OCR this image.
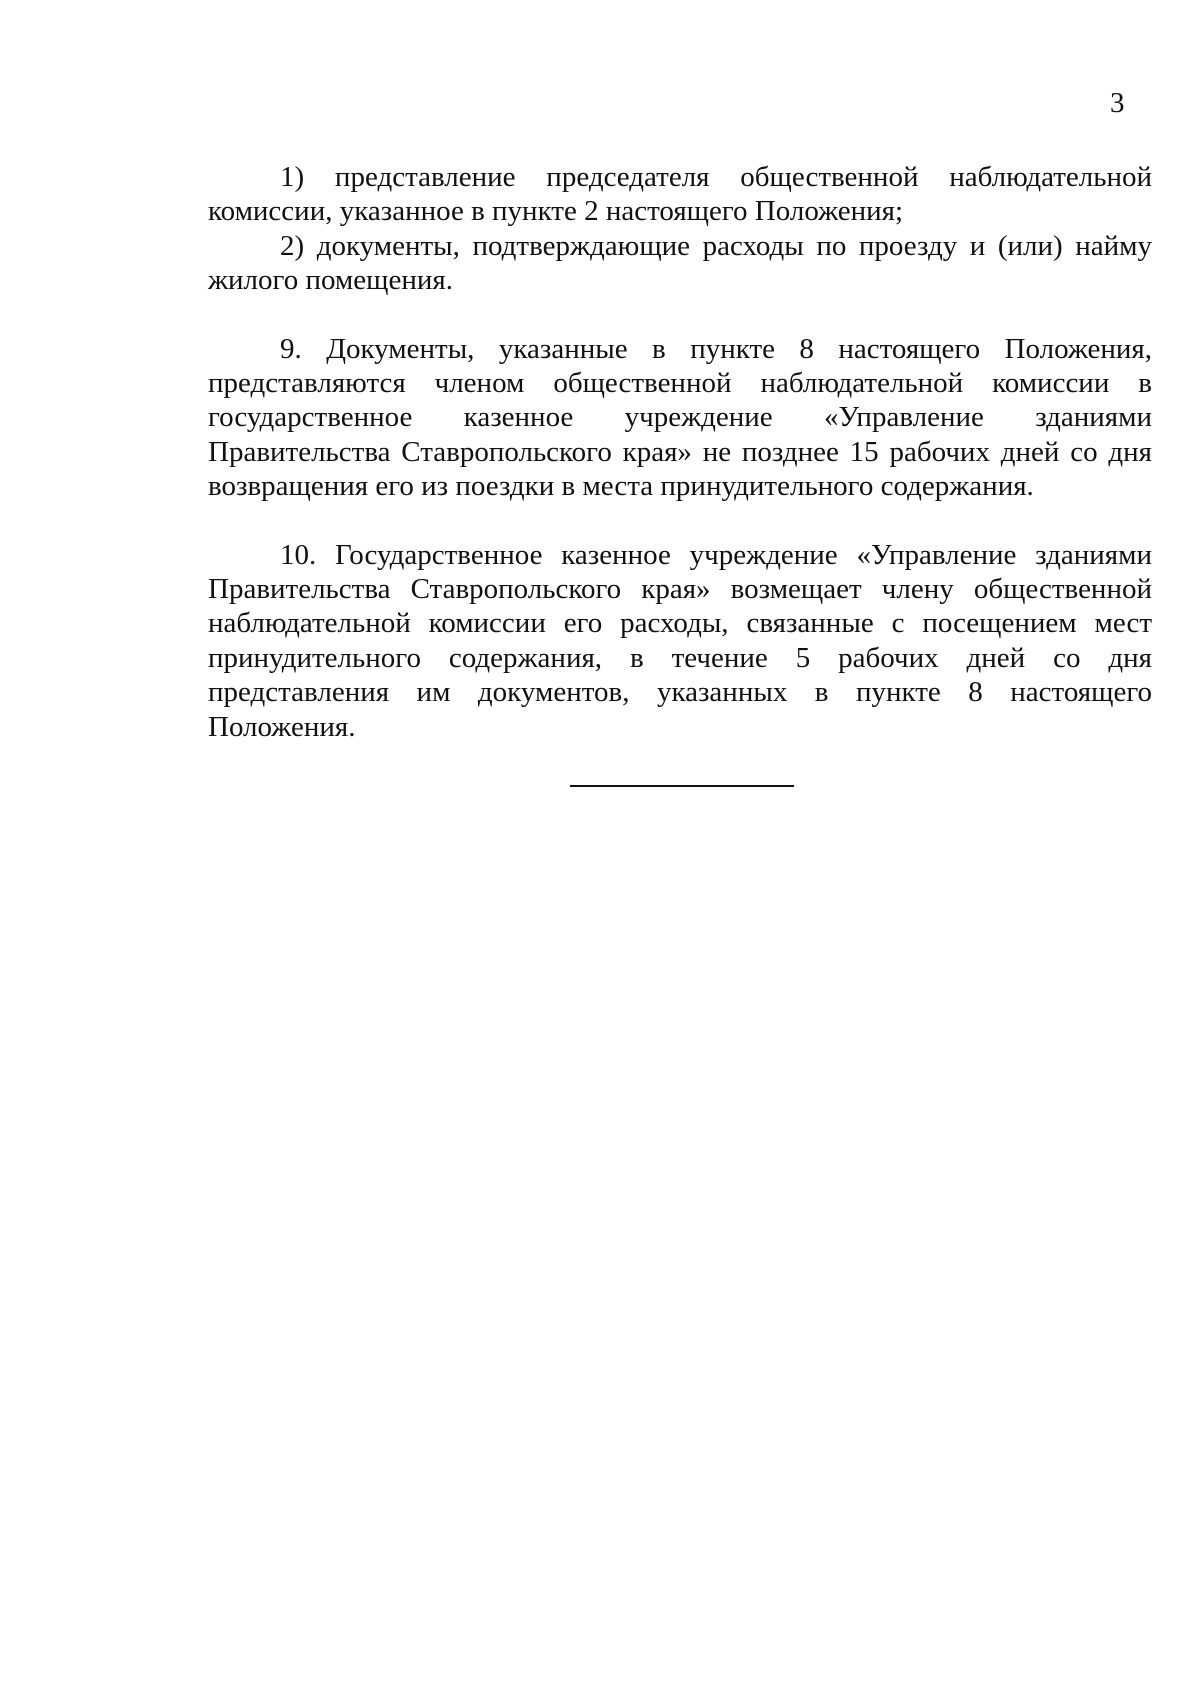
3

1) представление председателя общественной наблюдательной комиссии, указанное в пункте 2 настоящего Положения;

2) документы, подтверждающие расходы по проезду и (или) найму жилого помещения.

9. Документы, указанные в пункте 8 настоящего Положения, представляются членом общественной наблюдательной комиссии в государственное казенное учреждение «Управление зданиями Правительства Ставропольского края» не позднее 15 рабочих дней со дня возвращения его из поездки в места принудительного содержания.

10. Государственное казенное учреждение «Управление зданиями Правительства Ставропольского края» возмещает члену общественной наблюдательной комиссии его расходы, связанные с посещением мест принудительного содержания, в течение 5 рабочих дней со дня представления им документов, указанных в пункте 8 настоящего Положения.
